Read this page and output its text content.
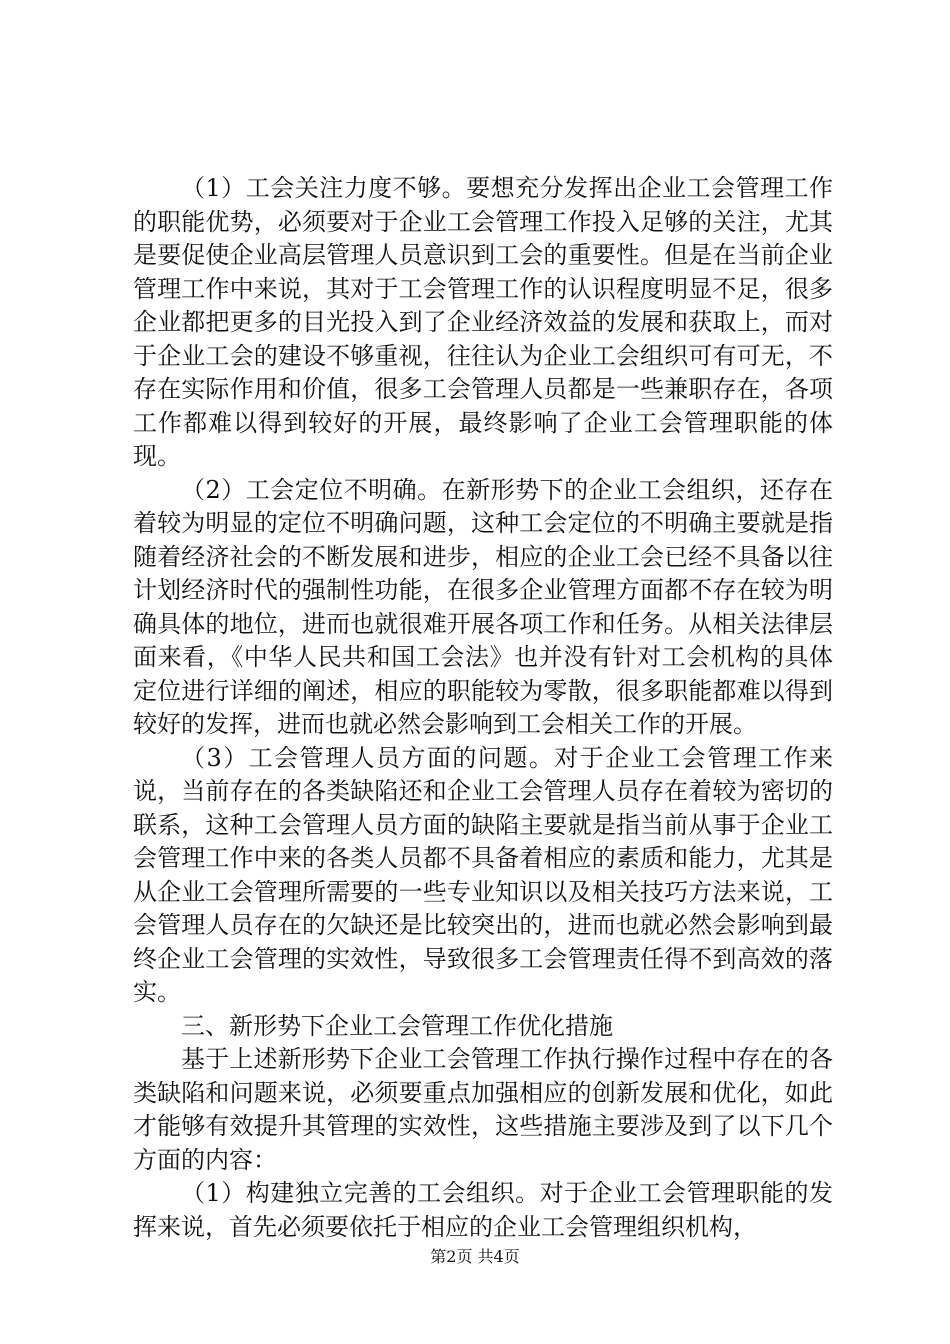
（1）工会关注力度不够。要想充分发挥出企业工会管理工作的职能优势，必须要对于企业工会管理工作投入足够的关注，尤其是要促使企业高层管理人员意识到工会的重要性。但是在当前企业管理工作中来说，其对于工会管理工作的认识程度明显不足，很多企业都把更多的目光投入到了企业经济效益的发展和获取上，而对于企业工会的建设不够重视，往往认为企业工会组织可有可无，不存在实际作用和价值，很多工会管理人员都是一些兼职存在，各项工作都难以得到较好的开展，最终影响了企业工会管理职能的体现。

（2）工会定位不明确。在新形势下的企业工会组织，还存在着较为明显的定位不明确问题，这种工会定位的不明确主要就是指随着经济社会的不断发展和进步，相应的企业工会已经不具备以往计划经济时代的强制性功能，在很多企业管理方面都不存在较为明确具体的地位，进而也就很难开展各项工作和任务。从相关法律层面来看，《中华人民共和国工会法》也并没有针对工会机构的具体定位进行详细的阐述，相应的职能较为零散，很多职能都难以得到较好的发挥，进而也就必然会影响到工会相关工作的开展。

（3）工会管理人员方面的问题。对于企业工会管理工作来说，当前存在的各类缺陷还和企业工会管理人员存在着较为密切的联系，这种工会管理人员方面的缺陷主要就是指当前从事于企业工会管理工作中来的各类人员都不具备着相应的素质和能力，尤其是从企业工会管理所需要的一些专业知识以及相关技巧方法来说，工会管理人员存在的欠缺还是比较突出的，进而也就必然会影响到最终企业工会管理的实效性，导致很多工会管理责任得不到高效的落实。

三、新形势下企业工会管理工作优化措施

基于上述新形势下企业工会管理工作执行操作过程中存在的各类缺陷和问题来说，必须要重点加强相应的创新发展和优化，如此才能够有效提升其管理的实效性，这些措施主要涉及到了以下几个方面的内容：

（1）构建独立完善的工会组织。对于企业工会管理职能的发挥来说，首先必须要依托于相应的企业工会管理组织机构，

第2页 共4页
